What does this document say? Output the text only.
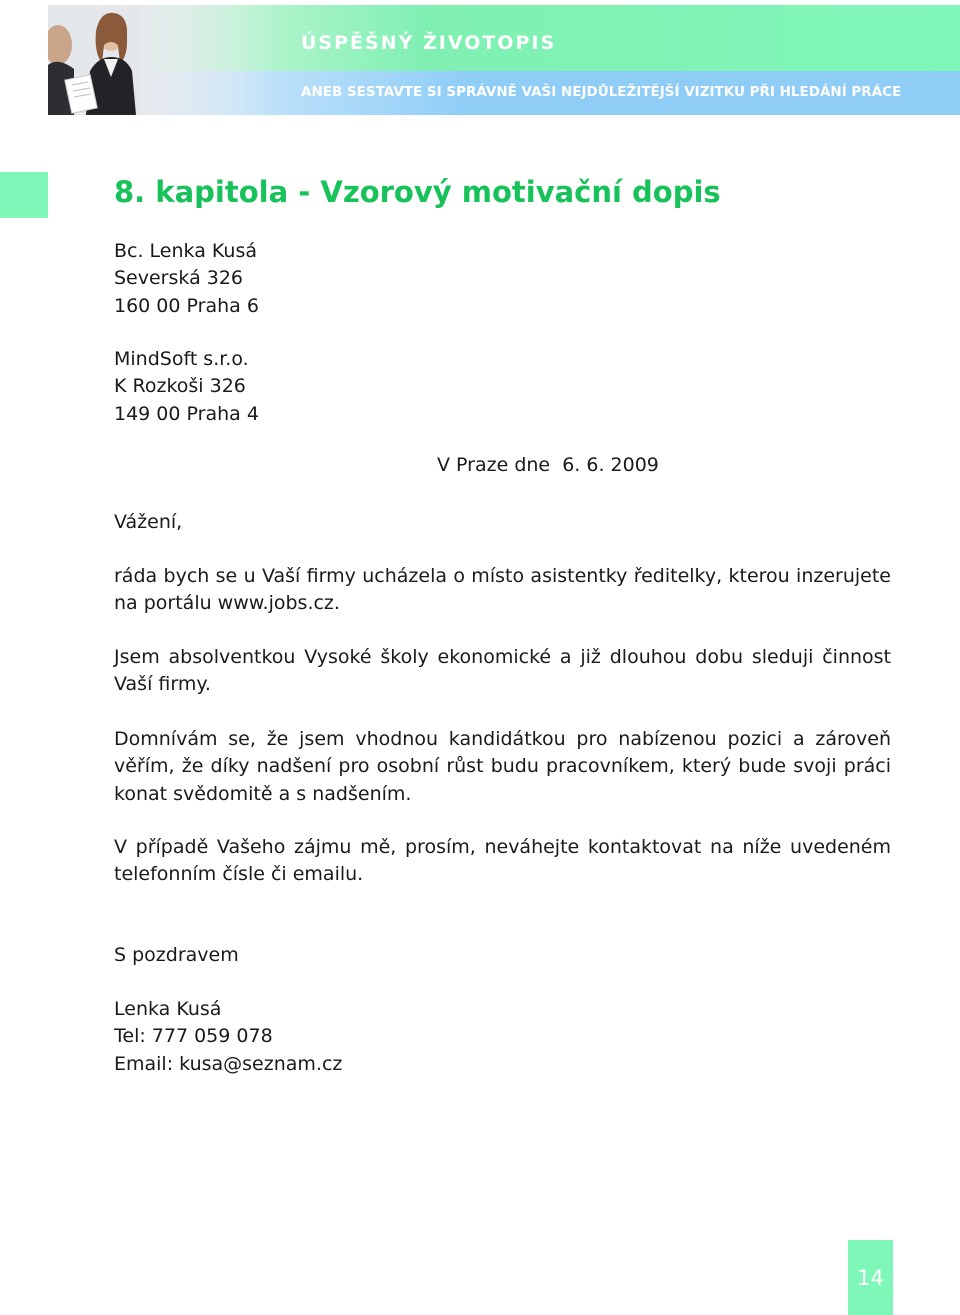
ÚSPĚŠNÝ ŽIVOTOPIS
ANEB SESTAVTE SI SPRÁVNĚ VAŠI NEJDŮLEŽITĚJŠÍ VIZITKU PŘI HLEDÁNÍ PRÁCE
8. kapitola - Vzorový motivační dopis
Bc. Lenka Kusá
Severská 326
160 00 Praha 6
MindSoft s.r.o.
K Rozkoši 326
149 00 Praha 4
V Praze dne  6. 6. 2009
Vážení,
ráda bych se u Vaší firmy ucházela o místo asistentky ředitelky, kterou inzerujete na portálu www.jobs.cz.
Jsem absolventkou Vysoké školy ekonomické a již dlouhou dobu sleduji činnost Vaší firmy.
Domnívám se, že jsem vhodnou kandidátkou pro nabízenou pozici a zároveň věřím, že díky nadšení pro osobní růst budu pracovníkem, který bude svoji práci konat svědomitě a s nadšením.
V případě Vašeho zájmu mě, prosím, neváhejte kontaktovat na níže uvedeném telefonním čísle či emailu.
S pozdravem
Lenka Kusá
Tel: 777 059 078
Email: kusa@seznam.cz
14
